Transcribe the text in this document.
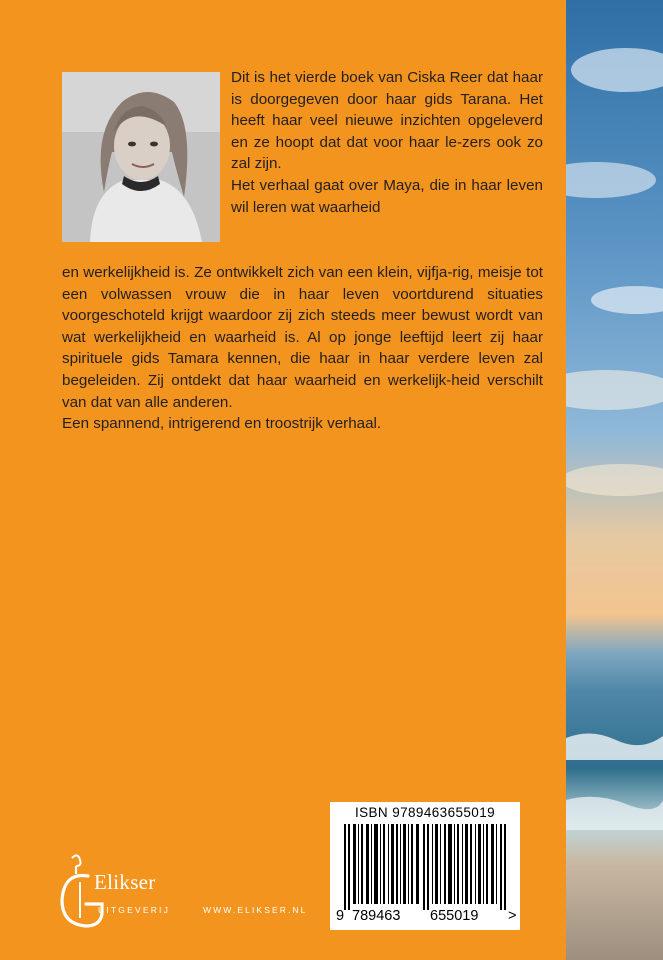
Dit is het vierde boek van Ciska Reer dat haar is doorgegeven door haar gids Tarana. Het heeft haar veel nieuwe inzichten opgeleverd en ze hoopt dat dat voor haar le-zers ook zo zal zijn.

Het verhaal gaat over Maya, die in haar leven wil leren wat waarheid

en werkelijkheid is. Ze ontwikkelt zich van een klein, vijfja-rig, meisje tot een volwassen vrouw die in haar leven voortdurend situaties voorgeschoteld krijgt waardoor zij zich steeds meer bewust wordt van wat werkelijkheid en waarheid is. Al op jonge leeftijd leert zij haar spirituele gids Tamara kennen, die haar in haar verdere leven zal begeleiden. Zij ontdekt dat haar waarheid en werkelijk-heid verschilt van dat van alle anderen.

Een spannend, intrigerend en troostrijk verhaal.

ISBN 9789463655019
9 789463 655019 >
Elikser
UITGEVERIJ	WWW.ELIKSER.NL
